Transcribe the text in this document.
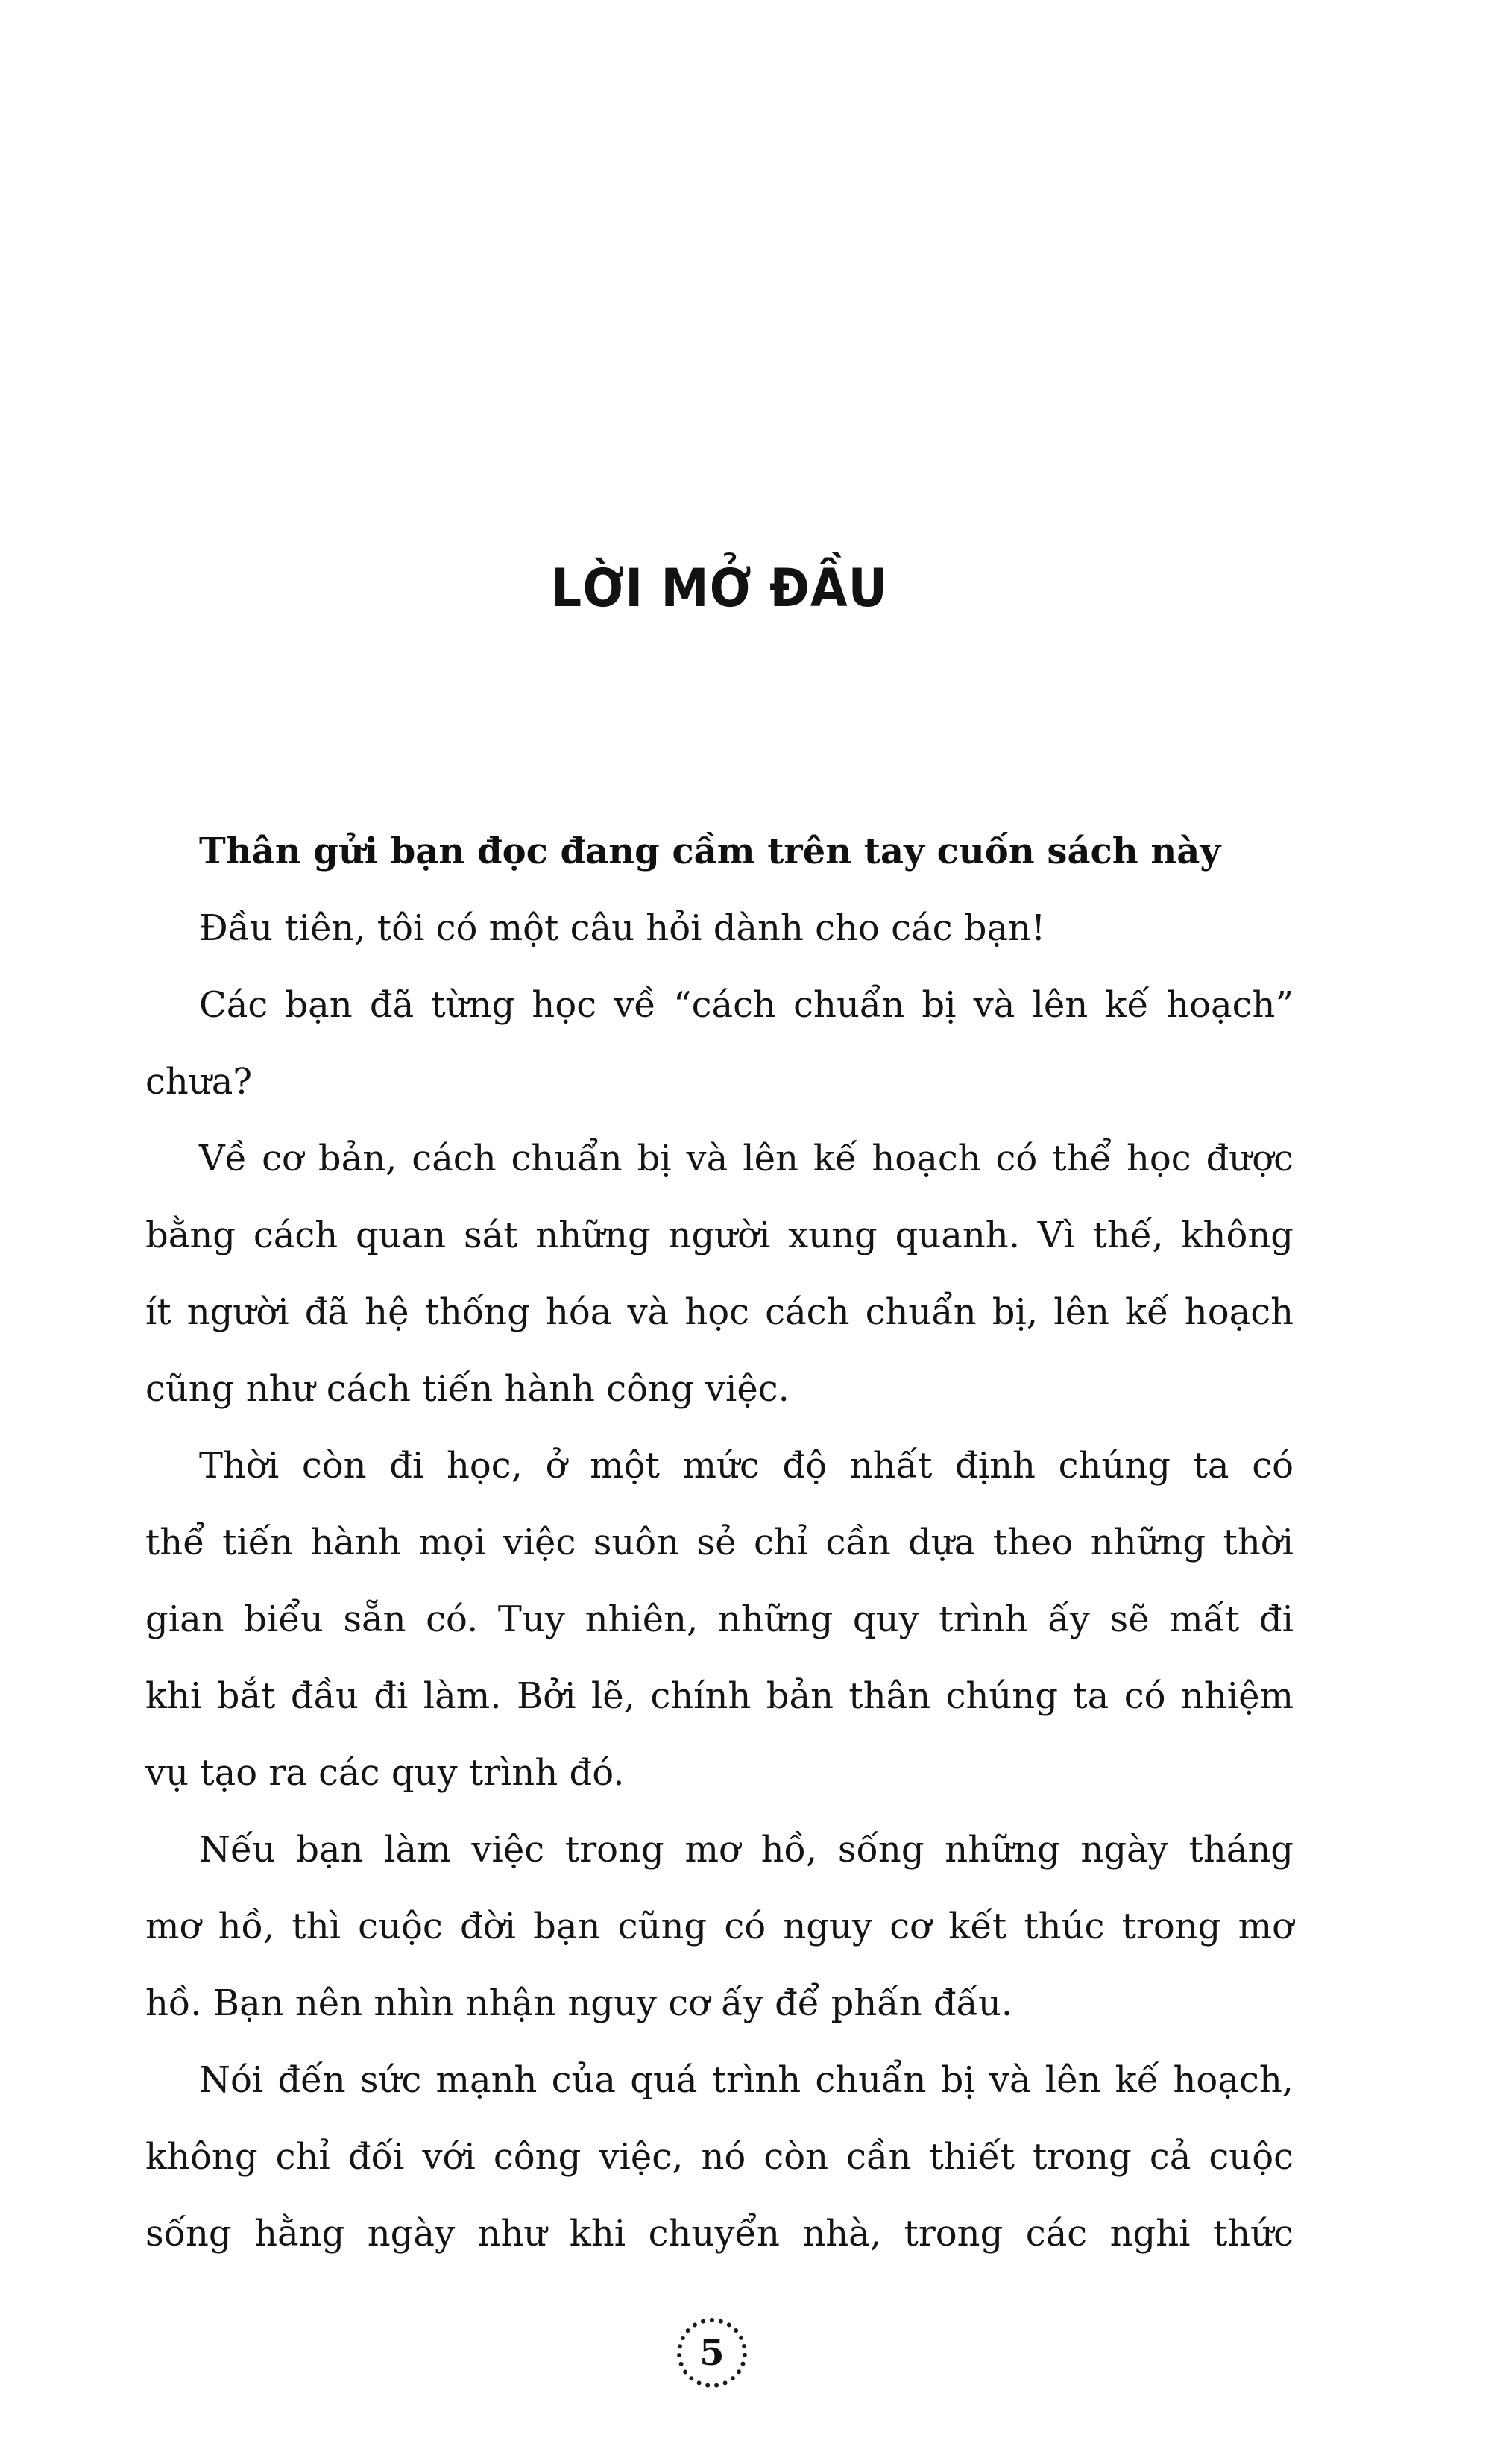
LỜI MỞ ĐẦU
Thân gửi bạn đọc đang cầm trên tay cuốn sách này
Đầu tiên, tôi có một câu hỏi dành cho các bạn!
Các bạn đã từng học về “cách chuẩn bị và lên kế hoạch”
chưa?
Về cơ bản, cách chuẩn bị và lên kế hoạch có thể học được
bằng cách quan sát những người xung quanh. Vì thế, không
ít người đã hệ thống hóa và học cách chuẩn bị, lên kế hoạch
cũng như cách tiến hành công việc.
Thời còn đi học, ở một mức độ nhất định chúng ta có
thể tiến hành mọi việc suôn sẻ chỉ cần dựa theo những thời
gian biểu sẵn có. Tuy nhiên, những quy trình ấy sẽ mất đi
khi bắt đầu đi làm. Bởi lẽ, chính bản thân chúng ta có nhiệm
vụ tạo ra các quy trình đó.
Nếu bạn làm việc trong mơ hồ, sống những ngày tháng
mơ hồ, thì cuộc đời bạn cũng có nguy cơ kết thúc trong mơ
hồ. Bạn nên nhìn nhận nguy cơ ấy để phấn đấu.
Nói đến sức mạnh của quá trình chuẩn bị và lên kế hoạch,
không chỉ đối với công việc, nó còn cần thiết trong cả cuộc
sống hằng ngày như khi chuyển nhà, trong các nghi thức
5
